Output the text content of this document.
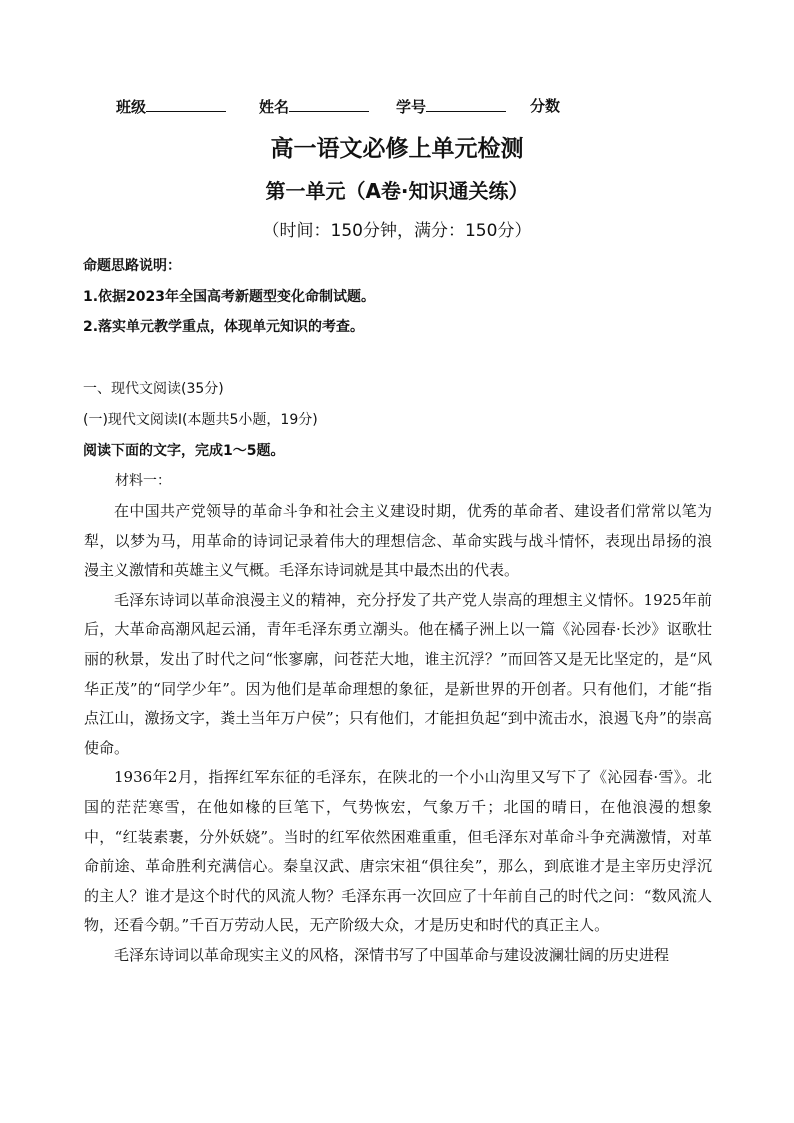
班级	姓名	学号	分数
高一语文必修上单元检测
第一单元（A卷·知识通关练）
（时间：150分钟，满分：150分）
命题思路说明：
1.依据2023年全国高考新题型变化命制试题。
2.落实单元教学重点，体现单元知识的考查。
一、现代文阅读(35分)
(一)现代文阅读Ⅰ(本题共5小题，19分)
阅读下面的文字，完成1～5题。
材料一：

在中国共产党领导的革命斗争和社会主义建设时期，优秀的革命者、建设者们常常以笔为犁，以梦为马，用革命的诗词记录着伟大的理想信念、革命实践与战斗情怀，表现出昂扬的浪漫主义激情和英雄主义气概。毛泽东诗词就是其中最杰出的代表。

毛泽东诗词以革命浪漫主义的精神，充分抒发了共产党人崇高的理想主义情怀。1925年前后，大革命高潮风起云涌，青年毛泽东勇立潮头。他在橘子洲上以一篇《沁园春·长沙》讴歌壮丽的秋景，发出了时代之问“怅寥廓，问苍茫大地，谁主沉浮？”而回答又是无比坚定的，是“风华正茂”的“同学少年”。因为他们是革命理想的象征，是新世界的开创者。只有他们，才能“指点江山，激扬文字，粪土当年万户侯”；只有他们，才能担负起“到中流击水，浪遏飞舟”的崇高使命。

1936年2月，指挥红军东征的毛泽东，在陕北的一个小山沟里又写下了《沁园春·雪》。北国的茫茫寒雪，在他如椽的巨笔下，气势恢宏，气象万千；北国的晴日，在他浪漫的想象中，“红装素裹，分外妖娆”。当时的红军依然困难重重，但毛泽东对革命斗争充满激情，对革命前途、革命胜利充满信心。秦皇汉武、唐宗宋祖“俱往矣”，那么，到底谁才是主宰历史浮沉的主人？谁才是这个时代的风流人物？毛泽东再一次回应了十年前自己的时代之问：“数风流人物，还看今朝。”千百万劳动人民，无产阶级大众，才是历史和时代的真正主人。

毛泽东诗词以革命现实主义的风格，深情书写了中国革命与建设波澜壮阔的历史进程
